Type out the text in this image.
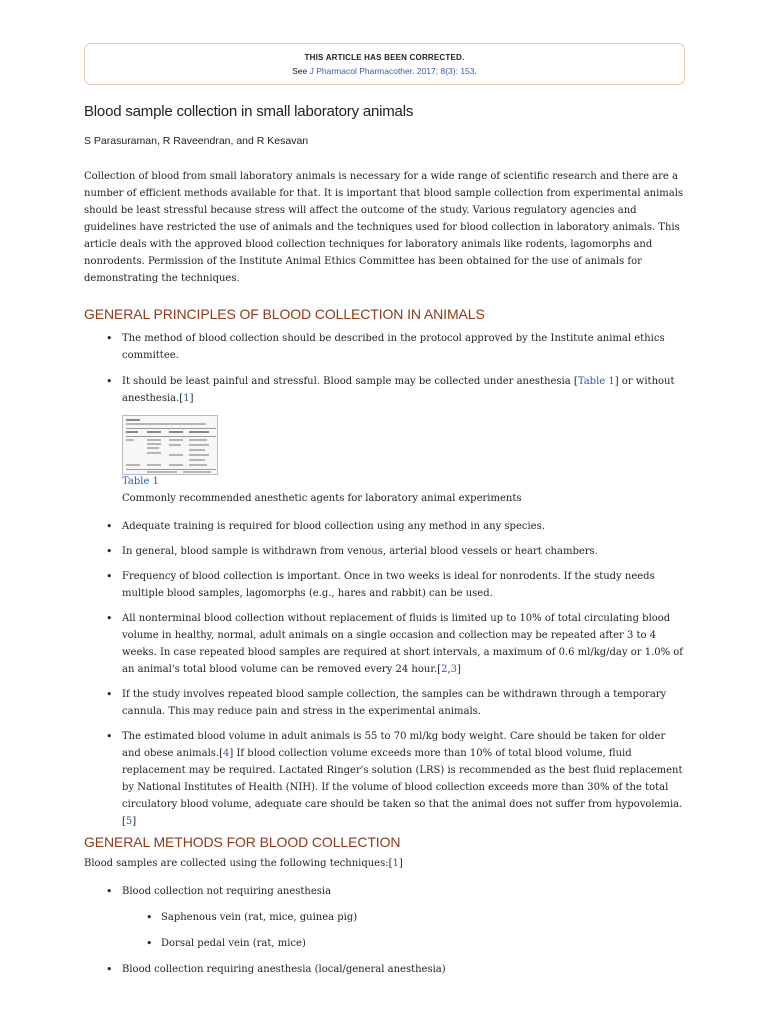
THIS ARTICLE HAS BEEN CORRECTED.
See J Pharmacol Pharmacother. 2017; 8(3): 153.
Blood sample collection in small laboratory animals
S Parasuraman, R Raveendran, and R Kesavan

Collection of blood from small laboratory animals is necessary for a wide range of scientific research and there are a number of efficient methods available for that. It is important that blood sample collection from experimental animals should be least stressful because stress will affect the outcome of the study. Various regulatory agencies and guidelines have restricted the use of animals and the techniques used for blood collection in laboratory animals. This article deals with the approved blood collection techniques for laboratory animals like rodents, lagomorphs and nonrodents. Permission of the Institute Animal Ethics Committee has been obtained for the use of animals for demonstrating the techniques.

GENERAL PRINCIPLES OF BLOOD COLLECTION IN ANIMALS
• The method of blood collection should be described in the protocol approved by the Institute animal ethics committee.
• It should be least painful and stressful. Blood sample may be collected under anesthesia [Table 1] or without anesthesia.[1]
Table 1
Commonly recommended anesthetic agents for laboratory animal experiments
• Adequate training is required for blood collection using any method in any species.
• In general, blood sample is withdrawn from venous, arterial blood vessels or heart chambers.
• Frequency of blood collection is important. Once in two weeks is ideal for nonrodents. If the study needs multiple blood samples, lagomorphs (e.g., hares and rabbit) can be used.
• All nonterminal blood collection without replacement of fluids is limited up to 10% of total circulating blood volume in healthy, normal, adult animals on a single occasion and collection may be repeated after 3 to 4 weeks. In case repeated blood samples are required at short intervals, a maximum of 0.6 ml/kg/day or 1.0% of an animal's total blood volume can be removed every 24 hour.[2,3]
• If the study involves repeated blood sample collection, the samples can be withdrawn through a temporary cannula. This may reduce pain and stress in the experimental animals.
• The estimated blood volume in adult animals is 55 to 70 ml/kg body weight. Care should be taken for older and obese animals.[4] If blood collection volume exceeds more than 10% of total blood volume, fluid replacement may be required. Lactated Ringer's solution (LRS) is recommended as the best fluid replacement by National Institutes of Health (NIH). If the volume of blood collection exceeds more than 30% of the total circulatory blood volume, adequate care should be taken so that the animal does not suffer from hypovolemia.[5]
GENERAL METHODS FOR BLOOD COLLECTION
Blood samples are collected using the following techniques:[1]
• Blood collection not requiring anesthesia
• Saphenous vein (rat, mice, guinea pig)
• Dorsal pedal vein (rat, mice)
• Blood collection requiring anesthesia (local/general anesthesia)
